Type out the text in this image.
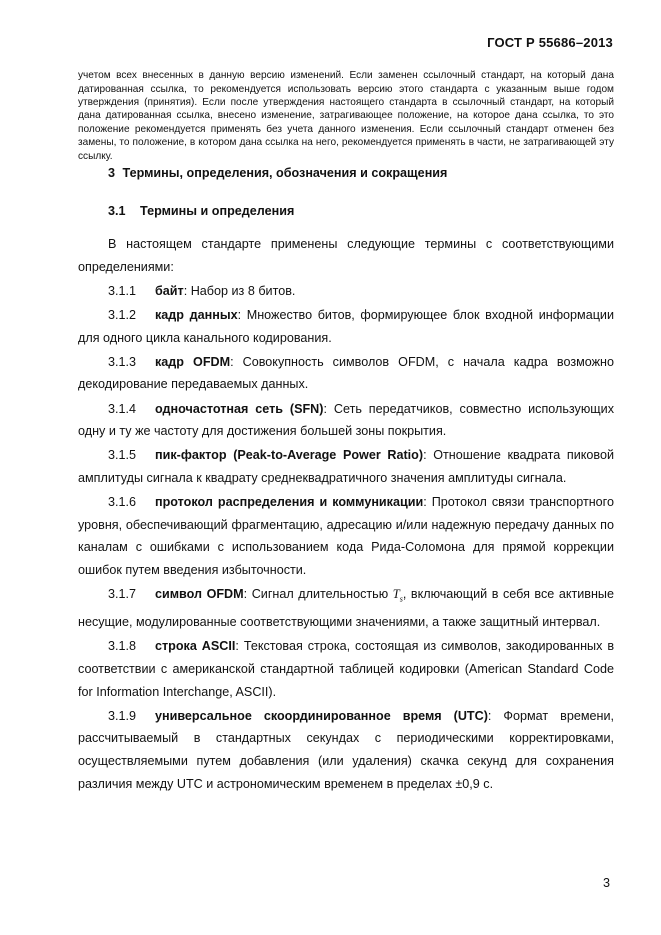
ГОСТ Р 55686–2013

учетом всех внесенных в данную версию изменений. Если заменен ссылочный стандарт, на который дана датированная ссылка, то рекомендуется использовать версию этого стандарта с указанным выше годом утверждения (принятия). Если после утверждения настоящего стандарта в ссылочный стандарт, на который дана датированная ссылка, внесено изменение, затрагивающее положение, на которое дана ссылка, то это положение рекомендуется применять без учета данного изменения. Если ссылочный стандарт отменен без замены, то положение, в котором дана ссылка на него, рекомендуется применять в части, не затрагивающей эту ссылку.

3 Термины, определения, обозначения и сокращения
3.1 Термины и определения

В настоящем стандарте применены следующие термины с соответствующими определениями:

3.1.1 байт: Набор из 8 битов.

3.1.2 кадр данных: Множество битов, формирующее блок входной информации для одного цикла канального кодирования.

3.1.3 кадр OFDM: Совокупность символов OFDM, с начала кадра возможно декодирование передаваемых данных.

3.1.4 одночастотная сеть (SFN): Сеть передатчиков, совместно использующих одну и ту же частоту для достижения большей зоны покрытия.

3.1.5 пик-фактор (Peak-to-Average Power Ratio): Отношение квадрата пиковой амплитуды сигнала к квадрату среднеквадратичного значения амплитуды сигнала.

3.1.6 протокол распределения и коммуникации: Протокол связи транспортного уровня, обеспечивающий фрагментацию, адресацию и/или надежную передачу данных по каналам с ошибками с использованием кода Рида-Соломона для прямой коррекции ошибок путем введения избыточности.

3.1.7 символ OFDM: Сигнал длительностью $T_s$, включающий в себя все активные несущие, модулированные соответствующими значениями, а также защитный интервал.

3.1.8 строка ASCII: Текстовая строка, состоящая из символов, закодированных в соответствии с американской стандартной таблицей кодировки (American Standard Code for Information Interchange, ASCII).

3.1.9 универсальное скоординированное время (UTC): Формат времени, рассчитываемый в стандартных секундах с периодическими корректировками, осуществляемыми путем добавления (или удаления) скачка секунд для сохранения различия между UTC и астрономическим временем в пределах ±0,9 с.

3
